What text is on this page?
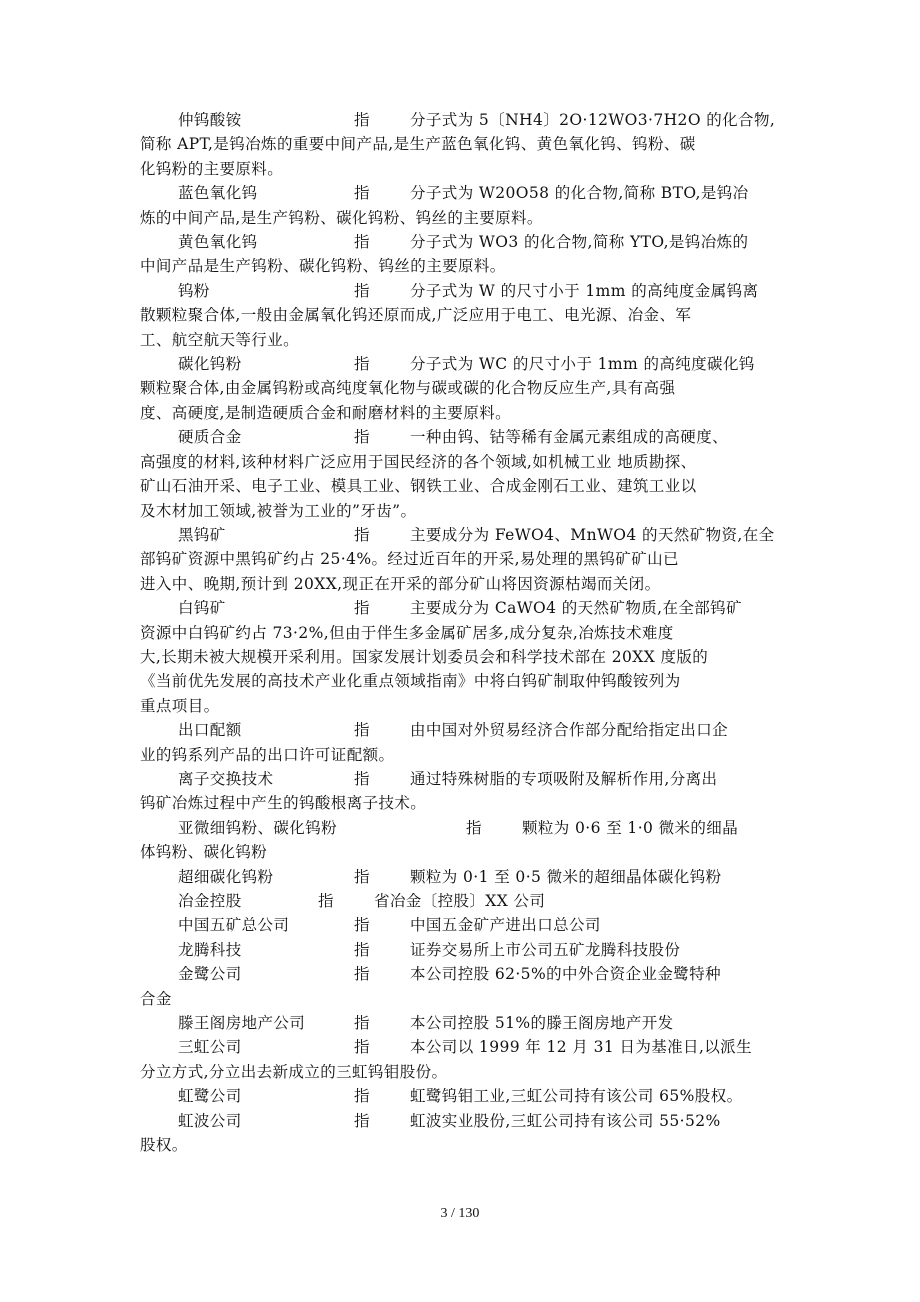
仲钨酸铵	指	分子式为 5〔NH4〕2O·12WO3·7H2O 的化合物,
简称 APT,是钨冶炼的重要中间产品,是生产蓝色氧化钨、黄色氧化钨、钨粉、碳
化钨粉的主要原料。
蓝色氧化钨	指	分子式为 W20O58 的化合物,简称 BTO,是钨冶
炼的中间产品,是生产钨粉、碳化钨粉、钨丝的主要原料。
黄色氧化钨	指	分子式为 WO3 的化合物,简称 YTO,是钨冶炼的
中间产品是生产钨粉、碳化钨粉、钨丝的主要原料。
钨粉	指	分子式为 W 的尺寸小于 1mm 的高纯度金属钨离
散颗粒聚合体,一般由金属氧化钨还原而成,广泛应用于电工、电光源、冶金、军
工、航空航天等行业。
碳化钨粉	指	分子式为 WC 的尺寸小于 1mm 的高纯度碳化钨
颗粒聚合体,由金属钨粉或高纯度氧化物与碳或碳的化合物反应生产,具有高强
度、高硬度,是制造硬质合金和耐磨材料的主要原料。
硬质合金	指	一种由钨、钴等稀有金属元素组成的高硬度、
高强度的材料,该种材料广泛应用于国民经济的各个领域,如机械工业 地质勘探、
矿山石油开采、电子工业、模具工业、钢铁工业、合成金刚石工业、建筑工业以
及木材加工领域,被誉为工业的”牙齿”。
黑钨矿	指	主要成分为 FeWO4、MnWO4 的天然矿物资,在全
部钨矿资源中黑钨矿约占 25·4%。经过近百年的开采,易处理的黑钨矿矿山已
进入中、晚期,预计到 20XX,现正在开采的部分矿山将因资源枯竭而关闭。
白钨矿	指	主要成分为 CaWO4 的天然矿物质,在全部钨矿
资源中白钨矿约占 73·2%,但由于伴生多金属矿居多,成分复杂,冶炼技术难度
大,长期未被大规模开采利用。国家发展计划委员会和科学技术部在 20XX 度版的
《当前优先发展的高技术产业化重点领域指南》中将白钨矿制取仲钨酸铵列为
重点项目。
出口配额	指	由中国对外贸易经济合作部分配给指定出口企
业的钨系列产品的出口许可证配额。
离子交换技术	指	通过特殊树脂的专项吸附及解析作用,分离出
钨矿冶炼过程中产生的钨酸根离子技术。
亚微细钨粉、碳化钨粉	指	颗粒为 0·6 至 1·0 微米的细晶
体钨粉、碳化钨粉
超细碳化钨粉	指	颗粒为 0·1 至 0·5 微米的超细晶体碳化钨粉
冶金控股	指	省冶金〔控股〕XX 公司
中国五矿总公司	指	中国五金矿产进出口总公司
龙腾科技	指	证券交易所上市公司五矿龙腾科技股份
金鹭公司	指	本公司控股 62·5%的中外合资企业金鹭特种
合金
滕王阁房地产公司	指	本公司控股 51%的滕王阁房地产开发
三虹公司	指	本公司以 1999 年 12 月 31 日为基准日,以派生
分立方式,分立出去新成立的三虹钨钼股份。
虹鹭公司	指	虹鹭钨钼工业,三虹公司持有该公司 65%股权。
虹波公司	指	虹波实业股份,三虹公司持有该公司 55·52%
股权。
3 / 130
